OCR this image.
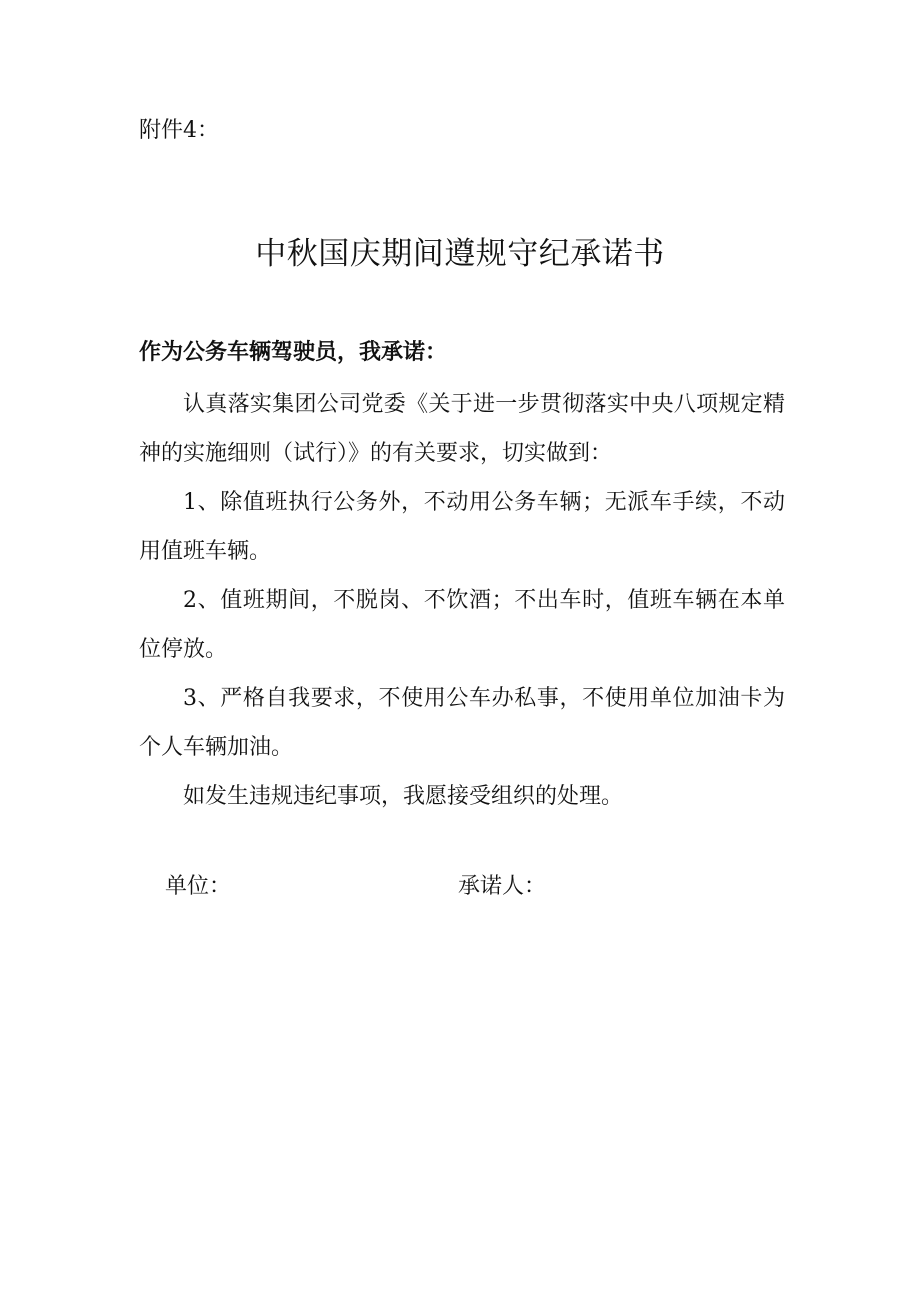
附件4：
中秋国庆期间遵规守纪承诺书
作为公务车辆驾驶员，我承诺：

认真落实集团公司党委《关于进一步贯彻落实中央八项规定精神的实施细则（试行）》的有关要求，切实做到：

1、除值班执行公务外，不动用公务车辆；无派车手续，不动用值班车辆。

2、值班期间，不脱岗、不饮酒；不出车时，值班车辆在本单位停放。

3、严格自我要求，不使用公车办私事，不使用单位加油卡为个人车辆加油。

如发生违规违纪事项，我愿接受组织的处理。

单位：	承诺人：
